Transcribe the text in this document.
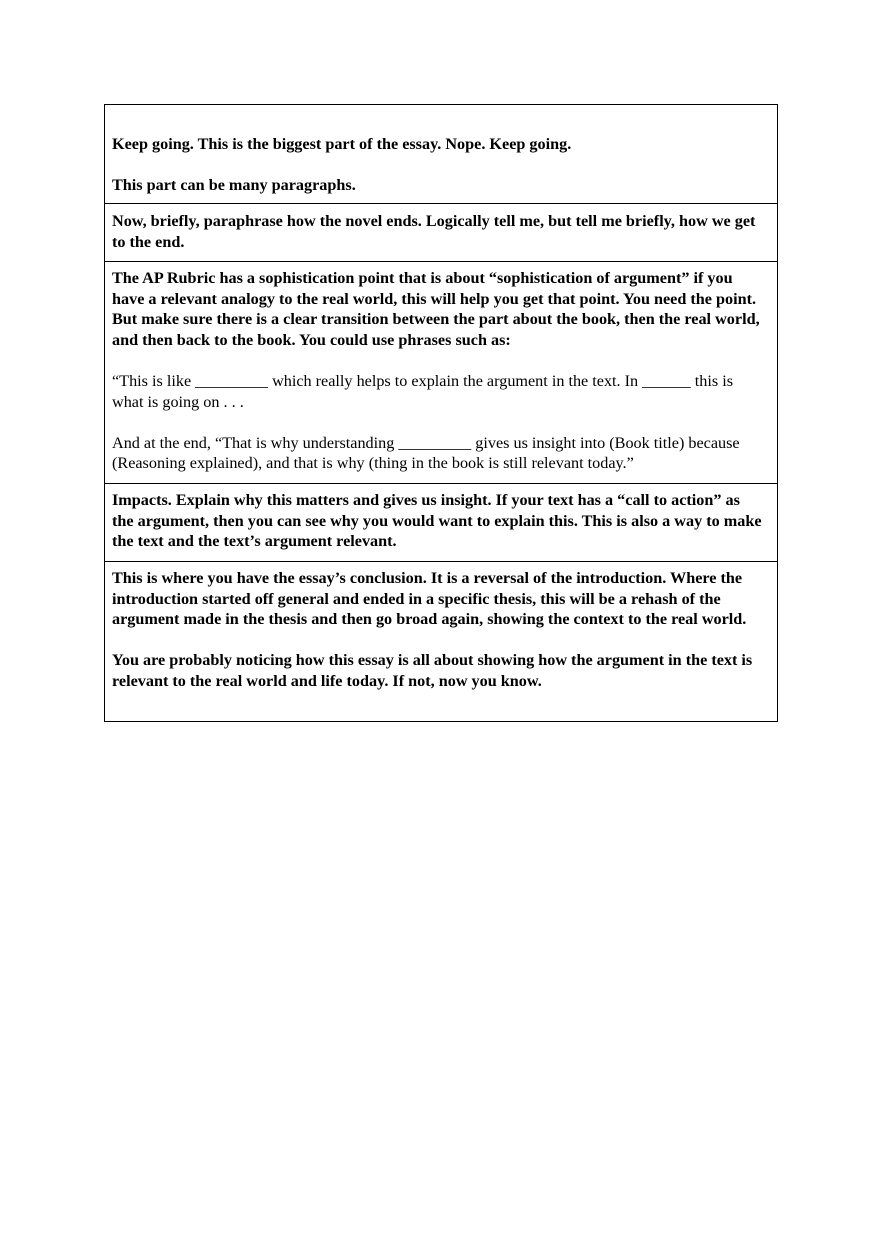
Keep going. This is the biggest part of the essay. Nope. Keep going.

This part can be many paragraphs.

Now, briefly, paraphrase how the novel ends. Logically tell me, but tell me briefly, how we get to the end.

The AP Rubric has a sophistication point that is about “sophistication of argument” if you have a relevant analogy to the real world, this will help you get that point. You need the point. But make sure there is a clear transition between the part about the book, then the real world, and then back to the book. You could use phrases such as:

“This is like _________ which really helps to explain the argument in the text. In ______ this is what is going on . . .

And at the end, “That is why understanding _________ gives us insight into (Book title) because (Reasoning explained), and that is why (thing in the book is still relevant today.”

Impacts. Explain why this matters and gives us insight. If your text has a “call to action” as the argument, then you can see why you would want to explain this. This is also a way to make the text and the text’s argument relevant.

This is where you have the essay’s conclusion. It is a reversal of the introduction. Where the introduction started off general and ended in a specific thesis, this will be a rehash of the argument made in the thesis and then go broad again, showing the context to the real world.

You are probably noticing how this essay is all about showing how the argument in the text is relevant to the real world and life today. If not, now you know.
